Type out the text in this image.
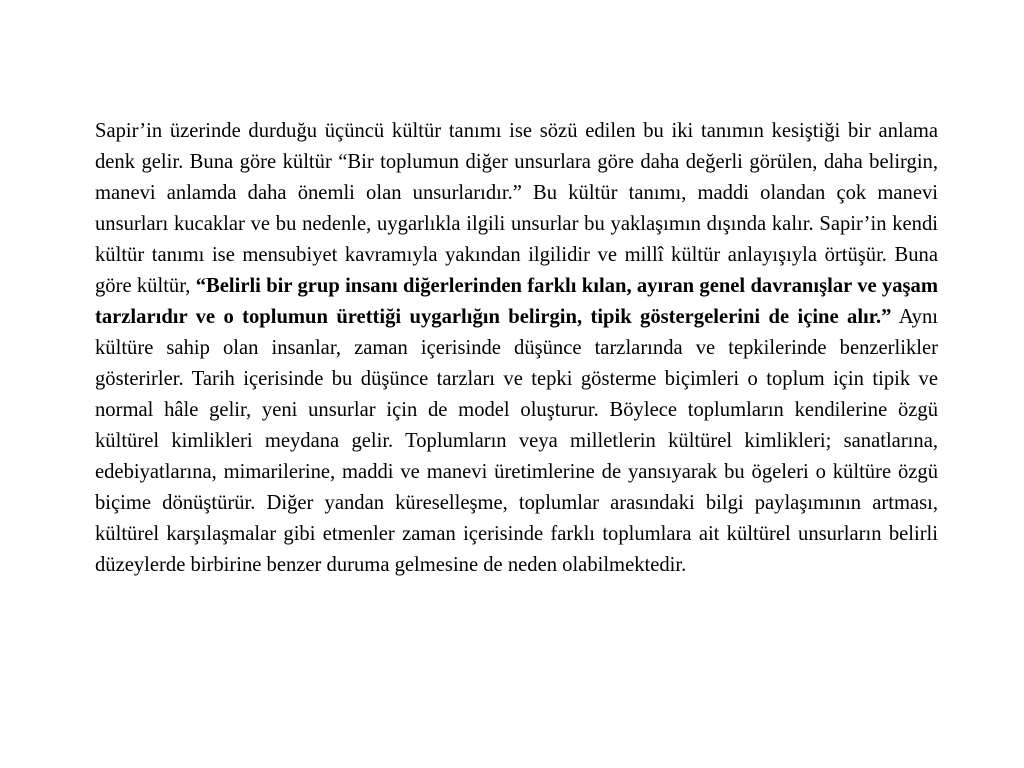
Sapir’in üzerinde durduğu üçüncü kültür tanımı ise sözü edilen bu iki tanımın kesiştiği bir anlama denk gelir. Buna göre kültür “Bir toplumun diğer unsurlara göre daha değerli görülen, daha belirgin, manevi anlamda daha önemli olan unsurlarıdır.” Bu kültür tanımı, maddi olandan çok manevi unsurları kucaklar ve bu nedenle, uygarlıkla ilgili unsurlar bu yaklaşımın dışında kalır. Sapir’in kendi kültür tanımı ise mensubiyet kavramıyla yakından ilgilidir ve millî kültür anlayışıyla örtüşür. Buna göre kültür, “Belirli bir grup insanı diğerlerinden farklı kılan, ayıran genel davranışlar ve yaşam tarzlarıdır ve o toplumun ürettiği uygarlığın belirgin, tipik göstergelerini de içine alır.” Aynı kültüre sahip olan insanlar, zaman içerisinde düşünce tarzlarında ve tepkilerinde benzerlikler gösterirler. Tarih içerisinde bu düşünce tarzları ve tepki gösterme biçimleri o toplum için tipik ve normal hâle gelir, yeni unsurlar için de model oluşturur. Böylece toplumların kendilerine özgü kültürel kimlikleri meydana gelir. Toplumların veya milletlerin kültürel kimlikleri; sanatlarına, edebiyatlarına, mimarilerine, maddi ve manevi üretimlerine de yansıyarak bu ögeleri o kültüre özgü biçime dönüştürür. Diğer yandan küreselleşme, toplumlar arasındaki bilgi paylaşımının artması, kültürel karşılaşmalar gibi etmenler zaman içerisinde farklı toplumlara ait kültürel unsurların belirli düzeylerde birbirine benzer duruma gelmesine de neden olabilmektedir.
